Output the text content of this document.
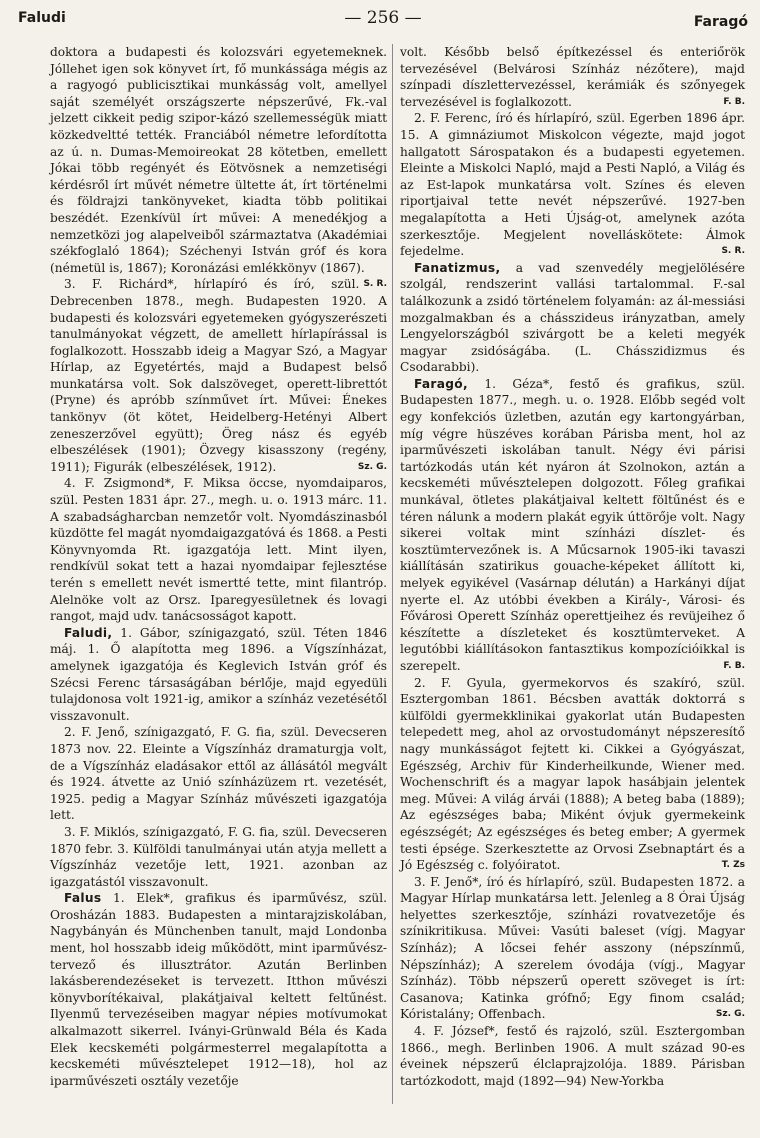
Faludi	— 256 —	Faragó

doktora a budapesti és kolozsvári egyetemeknek. Jóllehet igen sok könyvet írt, fő munkássága mégis az a ragyogó publicisztikai munkásság volt, amellyel saját személyét országszerte népszerűvé, Fk.-val jelzett cikkeit pedig szipor-kázó szellemességük miatt közkedveltté tették. Franciából németre lefordította az ú. n. Dumas-Memoireokat 28 kötetben, emellett Jókai több regényét és Eötvösnek a nemzetiségi kérdésről írt művét németre ültette át, írt történelmi és földrajzi tankönyveket, kiadta több politikai beszédét. Ezenkívül írt művei: A menedékjog a nemzetközi jog alapelveiből származtatva (Akadémiai székfoglaló 1864); Széchenyi István gróf és kora (németül is, 1867); Koronázási emlékkönyv (1867).
S. R.

3. F. Richárd*, hírlapíró és író, szül. Debrecenben 1878., megh. Budapesten 1920. A budapesti és kolozsvári egyetemeken gyógyszerészeti tanulmányokat végzett, de amellett hírlapírással is foglalkozott. Hosszabb ideig a Magyar Szó, a Magyar Hírlap, az Egyetértés, majd a Budapest belső munkatársa volt. Sok dalszöveget, operett-librettót (Pryne) és apróbb színművet írt. Művei: Énekes tankönyv (öt kötet, Heidelberg-Hetényi Albert zeneszerzővel együtt); Öreg nász és egyéb elbeszélések (1901); Özvegy kisasszony (regény, 1911); Figurák (elbeszélések, 1912).	Sz. G.

4. F. Zsigmond*, F. Miksa öccse, nyomdaiparos, szül. Pesten 1831 ápr. 27., megh. u. o. 1913 márc. 11. A szabadságharcban nemzetőr volt. Nyomdászinasból küzdötte fel magát nyomdaigazgatóvá és 1868. a Pesti Könyvnyomda Rt. igazgatója lett. Mint ilyen, rendkívül sokat tett a hazai nyomdaipar fejlesztése terén s emellett nevét ismertté tette, mint filantróp. Alelnöke volt az Orsz. Iparegyesületnek és lovagi rangot, majd udv. tanácsosságot kapott.

Faludi, 1. Gábor, színigazgató, szül. Téten 1846 máj. 1. Ő alapította meg 1896. a Vígszínházat, amelynek igazgatója és Keglevich István gróf és Szécsi Ferenc társaságában bérlője, majd egyedüli tulajdonosa volt 1921-ig, amikor a színház vezetésétől visszavonult.

2. F. Jenő, színigazgató, F. G. fia, szül. Devecseren 1873 nov. 22. Eleinte a Vígszínház dramaturgja volt, de a Vígszínház eladásakor ettől az állásától megvált és 1924. átvette az Unió színházüzem rt. vezetését, 1925. pedig a Magyar Színház művészeti igazgatója lett.

3. F. Miklós, színigazgató, F. G. fia, szül. Devecseren 1870 febr. 3. Külföldi tanulmányai után atyja mellett a Vígszínház vezetője lett, 1921. azonban az igazgatástól visszavonult.

Falus 1. Elek*, grafikus és iparművész, szül. Orosházán 1883. Budapesten a mintarajziskolában, Nagybányán és Münchenben tanult, majd Londonba ment, hol hosszabb ideig működött, mint iparművész-tervező és illusztrátor. Azután Berlinben lakásberendezéseket is tervezett. Itthon művészi könyvborítékaival, plakátjaival keltett feltűnést. Ilyenmű tervezéseiben magyar népies motívumokat alkalmazott sikerrel. Iványi-Grünwald Béla és Kada Elek kecskeméti polgármesterrel megalapította a kecskeméti művésztelepet 1912—18), hol az iparművészeti osztály vezetője

volt. Később belső építkezéssel és enteriőrök tervezésével (Belvárosi Színház nézőtere), majd színpadi díszlettervezéssel, kerámiák és szőnyegek tervezésével is foglalkozott.	F. B.

2. F. Ferenc, író és hírlapíró, szül. Egerben 1896 ápr. 15. A gimnáziumot Miskolcon végezte, majd jogot hallgatott Sárospatakon és a budapesti egyetemen. Eleinte a Miskolci Napló, majd a Pesti Napló, a Világ és az Est-lapok munkatársa volt. Színes és eleven riportjaival tette nevét népszerűvé. 1927-ben megalapította a Heti Újság-ot, amelynek azóta szerkesztője. Megjelent novelláskötete: Álmok fejedelme.	S. R.

Fanatizmus, a vad szenvedély megjelölésére szolgál, rendszerint vallási tartalommal. F.-sal találkozunk a zsidó történelem folyamán: az ál-messiási mozgalmakban és a chásszideus irányzatban, amely Lengyelországból szivárgott be a keleti megyék magyar zsidóságába. (L. Chásszidizmus és Csodarabbi).

Faragó, 1. Géza*, festő és grafikus, szül. Budapesten 1877., megh. u. o. 1928. Előbb segéd volt egy konfekciós üzletben, azután egy kartongyárban, míg végre hüszéves korában Párisba ment, hol az iparművészeti iskolában tanult. Négy évi párisi tartózkodás után két nyáron át Szolnokon, aztán a kecskeméti művésztelepen dolgozott. Főleg grafikai munkával, ötletes plakátjaival keltett föltűnést és e téren nálunk a modern plakát egyik úttörője volt. Nagy sikerei voltak mint színházi díszlet- és kosztümtervezőnek is. A Műcsarnok 1905-iki tavaszi kiállításán szatirikus gouache-képeket állított ki, melyek egyikével (Vasárnap délután) a Harkányi díjat nyerte el. Az utóbbi években a Király-, Városi- és Fővárosi Operett Színház operettjeihez és revüjeihez ő készítette a díszleteket és kosztümterveket. A legutóbbi kiállításokon fantasztikus kompozícióikkal is szerepelt.	F. B.

2. F. Gyula, gyermekorvos és szakíró, szül. Esztergomban 1861. Bécsben avatták doktorrá s külföldi gyermekklinikai gyakorlat után Budapesten telepedett meg, ahol az orvostudományt népszeresítő nagy munkásságot fejtett ki. Cikkei a Gyógyászat, Egészség, Archiv für Kinderheilkunde, Wiener med. Wochenschrift és a magyar lapok hasábjain jelentek meg. Művei: A világ árvái (1888); A beteg baba (1889); Az egészséges baba; Miként óvjuk gyermekeink egészségét; Az egészséges és beteg ember; A gyermek testi épsége. Szerkesztette az Orvosi Zsebnaptárt és a Jó Egészség c. folyóiratot.	T. Zs

3. F. Jenő*, író és hírlapíró, szül. Budapesten 1872. a Magyar Hírlap munkatársa lett. Jelenleg a 8 Órai Újság helyettes szerkesztője, színházi rovatvezetője és színikritikusa. Művei: Vasúti baleset (vígj. Magyar Színház); A lőcsei fehér asszony (népszínmű, Népszínház); A szerelem óvodája (vígj., Magyar Színház). Több népszerű operett szöveget is írt: Casanova; Katinka grófnő; Egy finom család; Kóristalány; Offenbach.	Sz. G.

4. F. József*, festő és rajzoló, szül. Esztergomban 1866., megh. Berlinben 1906. A mult század 90-es éveinek népszerű élclaprajzolója. 1889. Párisban tartózkodott, majd (1892—94) New-Yorkba
